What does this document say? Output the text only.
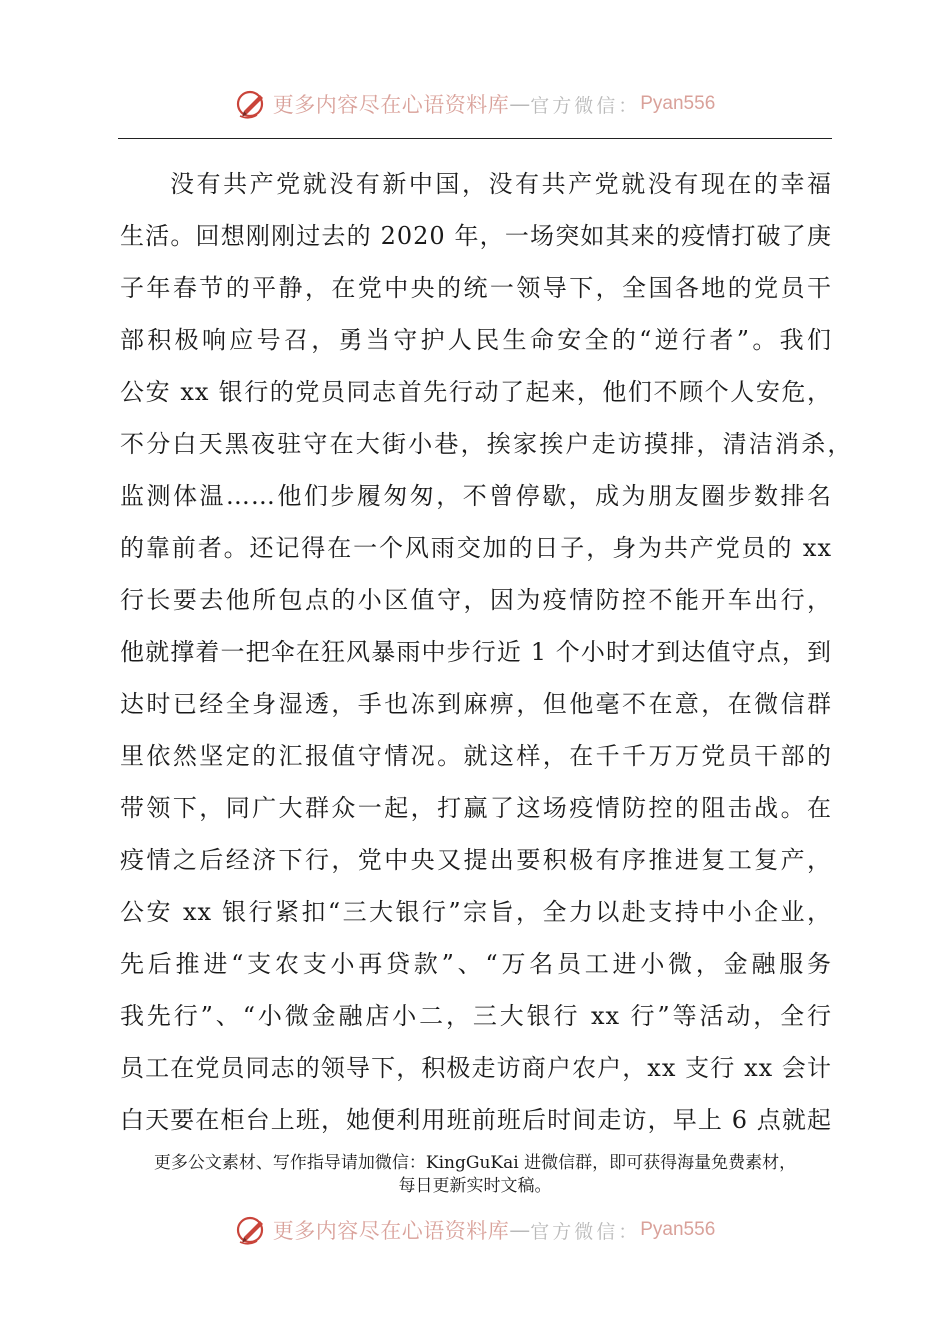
更多内容尽在心语资料库 — 官方微信： Pyan556
没有共产党就没有新中国，没有共产党就没有现在的幸福
生活。回想刚刚过去的 2020 年，一场突如其来的疫情打破了庚
子年春节的平静，在党中央的统一领导下，全国各地的党员干
部积极响应号召，勇当守护人民生命安全的“逆行者”。我们
公安 xx 银行的党员同志首先行动了起来，他们不顾个人安危，
不分白天黑夜驻守在大街小巷，挨家挨户走访摸排，清洁消杀，
监测体温……他们步履匆匆，不曾停歇，成为朋友圈步数排名
的靠前者。还记得在一个风雨交加的日子，身为共产党员的 xx
行长要去他所包点的小区值守，因为疫情防控不能开车出行，
他就撑着一把伞在狂风暴雨中步行近 1 个小时才到达值守点，到
达时已经全身湿透，手也冻到麻痹，但他毫不在意，在微信群
里依然坚定的汇报值守情况。就这样，在千千万万党员干部的
带领下，同广大群众一起，打赢了这场疫情防控的阻击战。在
疫情之后经济下行，党中央又提出要积极有序推进复工复产，
公安 xx 银行紧扣“三大银行”宗旨，全力以赴支持中小企业，
先后推进“支农支小再贷款”、“万名员工进小微，金融服务
我先行”、“小微金融店小二，三大银行 xx 行”等活动，全行
员工在党员同志的领导下，积极走访商户农户，xx 支行 xx 会计
白天要在柜台上班，她便利用班前班后时间走访，早上 6 点就起
更多公文素材、写作指导请加微信：KingGuKai 进微信群，即可获得海量免费素材，
每日更新实时文稿。
更多内容尽在心语资料库 — 官方微信： Pyan556
